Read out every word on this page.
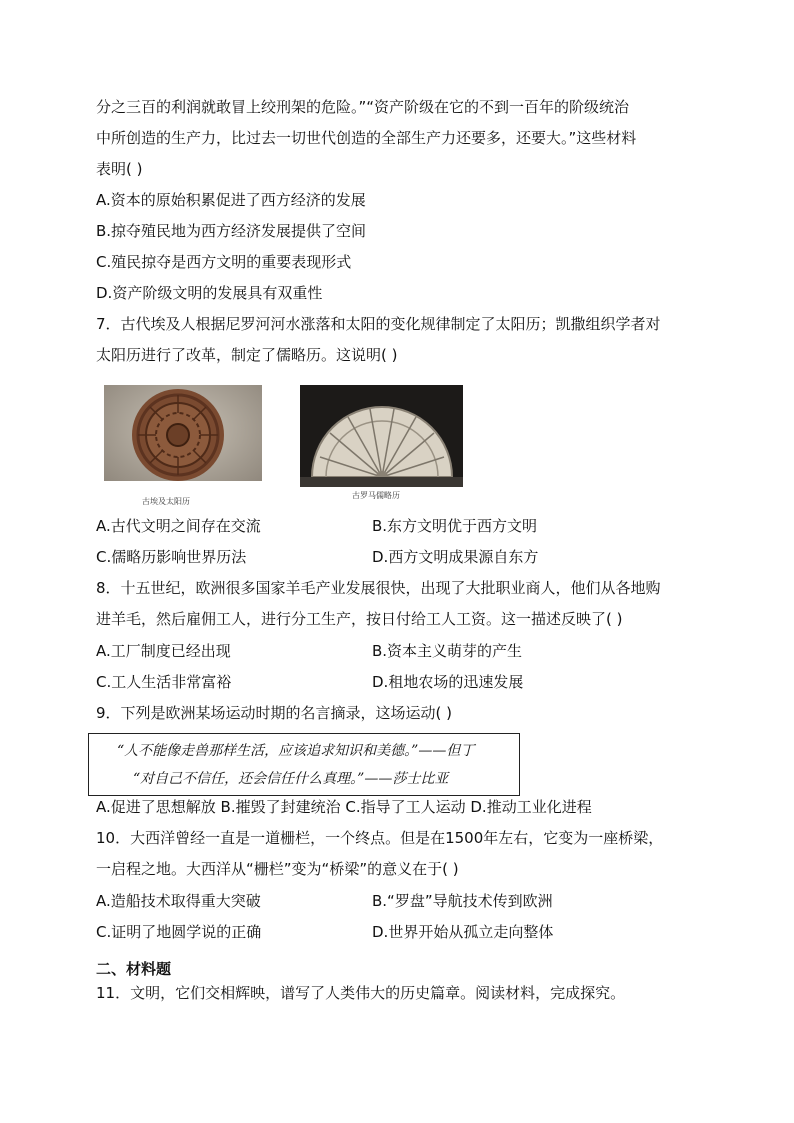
分之三百的利润就敢冒上绞刑架的危险。”“资产阶级在它的不到一百年的阶级统治
中所创造的生产力，比过去一切世代创造的全部生产力还要多，还要大。”这些材料
表明( )
A.资本的原始积累促进了西方经济的发展
B.掠夺殖民地为西方经济发展提供了空间
C.殖民掠夺是西方文明的重要表现形式
D.资产阶级文明的发展具有双重性
7．古代埃及人根据尼罗河河水涨落和太阳的变化规律制定了太阳历；凯撒组织学者对
太阳历进行了改革，制定了儒略历。这说明( )
古埃及太阳历
古罗马儒略历
A.古代文明之间存在交流	B.东方文明优于西方文明
C.儒略历影响世界历法	D.西方文明成果源自东方
8．十五世纪，欧洲很多国家羊毛产业发展很快，出现了大批职业商人，他们从各地购
进羊毛，然后雇佣工人，进行分工生产，按日付给工人工资。这一描述反映了( )
A.工厂制度已经出现	B.资本主义萌芽的产生
C.工人生活非常富裕	D.租地农场的迅速发展
9．下列是欧洲某场运动时期的名言摘录，这场运动( )
“人不能像走兽那样生活，应该追求知识和美德。”——但丁
“对自己不信任，还会信任什么真理。”——莎士比亚
A.促进了思想解放 B.摧毁了封建统治 C.指导了工人运动 D.推动工业化进程
10．大西洋曾经一直是一道栅栏，一个终点。但是在1500年左右，它变为一座桥梁，
一启程之地。大西洋从“栅栏”变为“桥梁”的意义在于( )
A.造船技术取得重大突破	B.“罗盘”导航技术传到欧洲
C.证明了地圆学说的正确	D.世界开始从孤立走向整体
二、材料题
11．文明，它们交相辉映，谱写了人类伟大的历史篇章。阅读材料，完成探究。
